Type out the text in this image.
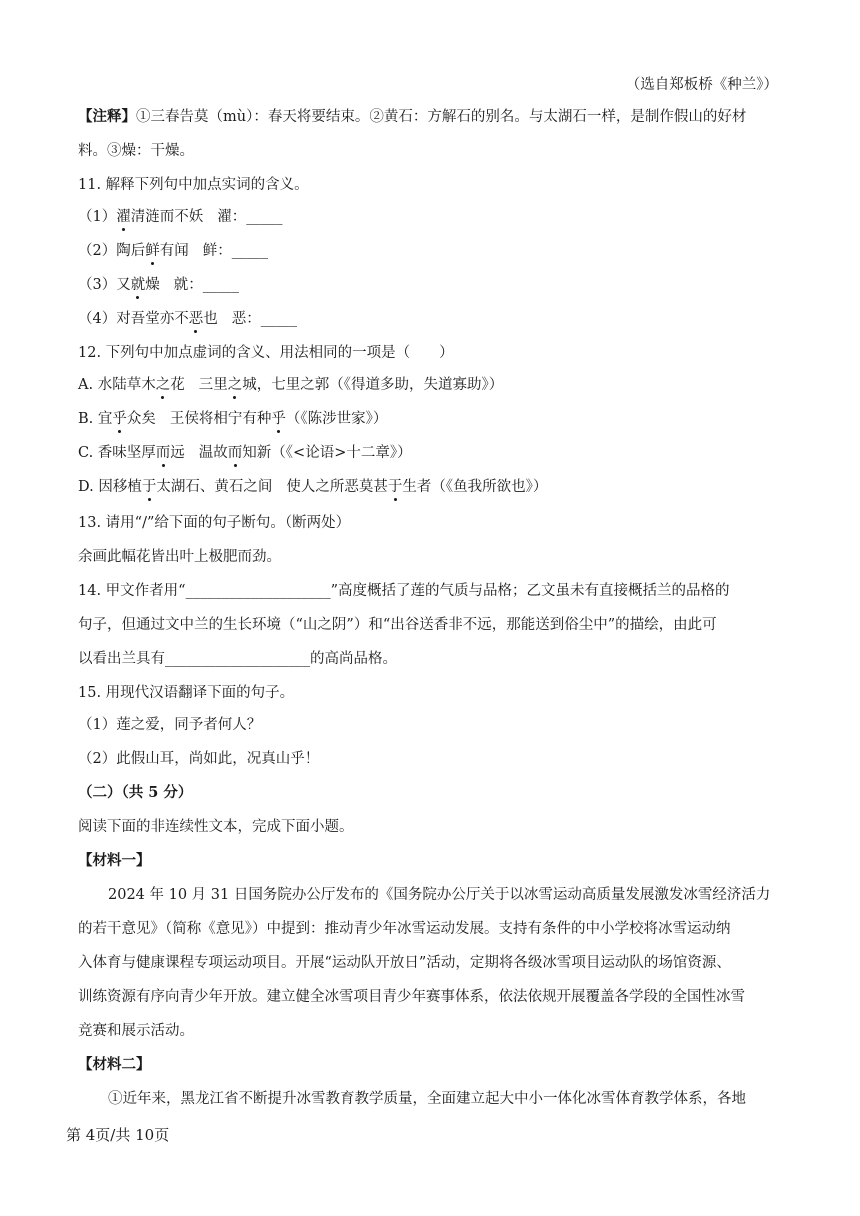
（选自郑板桥《种兰》）
【注释】①三春告莫（mù）：春天将要结束。②黄石：方解石的别名。与太湖石一样，是制作假山的好材
料。③燥：干燥。
11. 解释下列句中加点实词的含义。
（1）濯清涟而不妖 濯：_____
（2）陶后鲜有闻 鲜：_____
（3）又就燥 就：_____
（4）对吾堂亦不恶也 恶：_____
12. 下列句中加点虚词的含义、用法相同的一项是（　　）
A. 水陆草木之花 三里之城，七里之郭（《得道多助，失道寡助》）
B. 宜乎众矣 王侯将相宁有种乎（《陈涉世家》）
C. 香味坚厚而远 温故而知新（《<论语>十二章》）
D. 因移植于太湖石、黄石之间 使人之所恶莫甚于生者（《鱼我所欲也》）
13. 请用“/”给下面的句子断句。（断两处）
余画此幅花皆出叶上极肥而劲。
14. 甲文作者用“____________________”高度概括了莲的气质与品格；乙文虽未有直接概括兰的品格的
句子，但通过文中兰的生长环境（“山之阴”）和“出谷送香非不远，那能送到俗尘中”的描绘，由此可
以看出兰具有____________________的高尚品格。
15. 用现代汉语翻译下面的句子。
（1）莲之爱，同予者何人？
（2）此假山耳，尚如此，况真山乎！
（二）（共 5 分）
阅读下面的非连续性文本，完成下面小题。
【材料一】
2024 年 10 月 31 日国务院办公厅发布的《国务院办公厅关于以冰雪运动高质量发展激发冰雪经济活力
的若干意见》（简称《意见》）中提到：推动青少年冰雪运动发展。支持有条件的中小学校将冰雪运动纳
入体育与健康课程专项运动项目。开展“运动队开放日”活动，定期将各级冰雪项目运动队的场馆资源、
训练资源有序向青少年开放。建立健全冰雪项目青少年赛事体系，依法依规开展覆盖各学段的全国性冰雪
竞赛和展示活动。
【材料二】
①近年来，黑龙江省不断提升冰雪教育教学质量，全面建立起大中小一体化冰雪体育教学体系，各地
第 4页/共 10页
